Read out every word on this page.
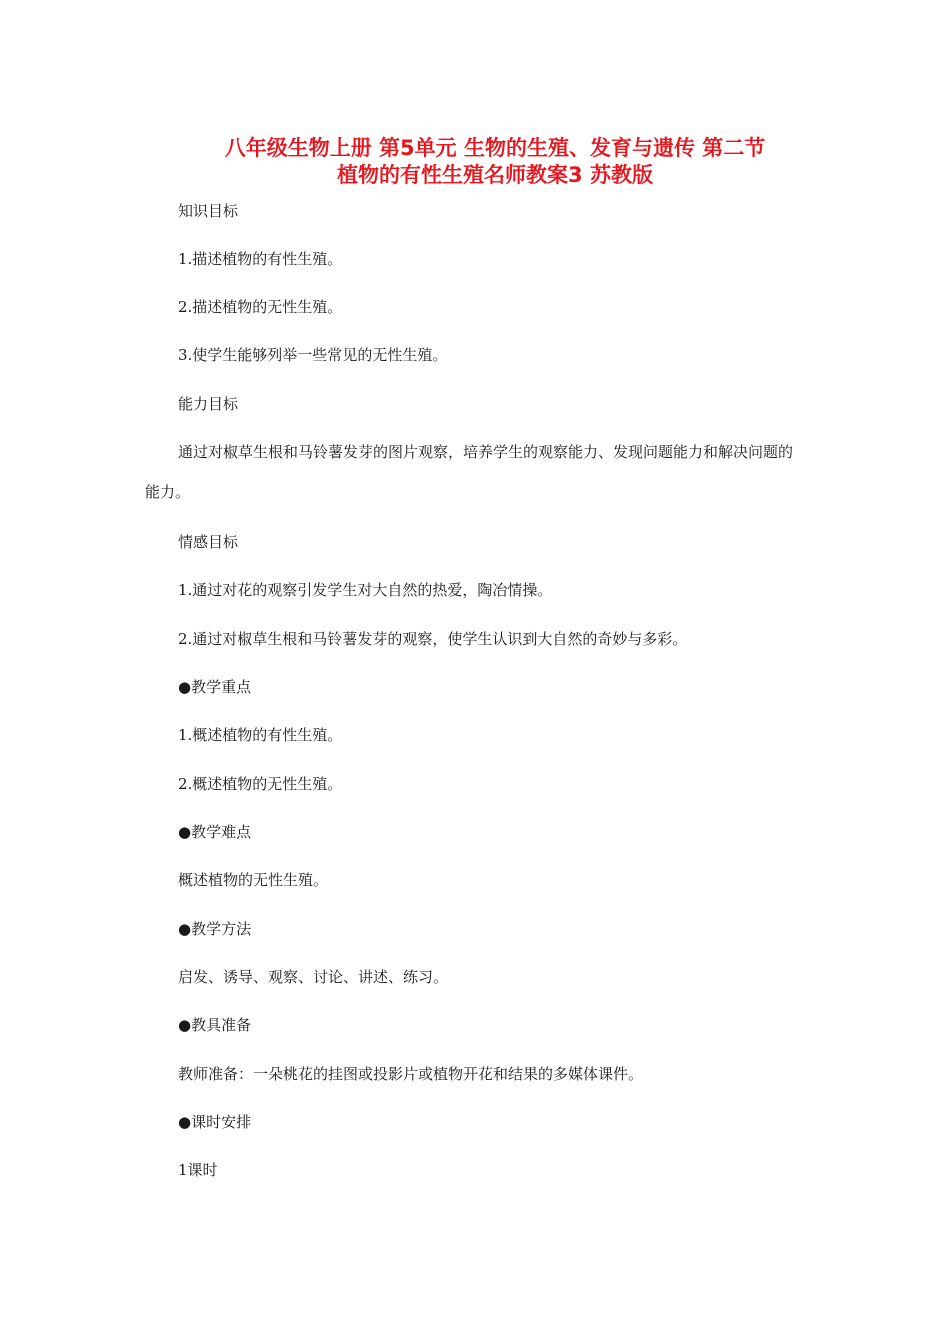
八年级生物上册 第5单元 生物的生殖、发育与遗传 第二节
植物的有性生殖名师教案3 苏教版
知识目标
1.描述植物的有性生殖。
2.描述植物的无性生殖。
3.使学生能够列举一些常见的无性生殖。
能力目标
通过对椒草生根和马铃薯发芽的图片观察，培养学生的观察能力、发现问题能力和解决问题的能力。
情感目标
1.通过对花的观察引发学生对大自然的热爱，陶冶情操。
2.通过对椒草生根和马铃薯发芽的观察，使学生认识到大自然的奇妙与多彩。
●教学重点
1.概述植物的有性生殖。
2.概述植物的无性生殖。
●教学难点
概述植物的无性生殖。
●教学方法
启发、诱导、观察、讨论、讲述、练习。
●教具准备
教师准备：一朵桃花的挂图或投影片或植物开花和结果的多媒体课件。
●课时安排
1课时
